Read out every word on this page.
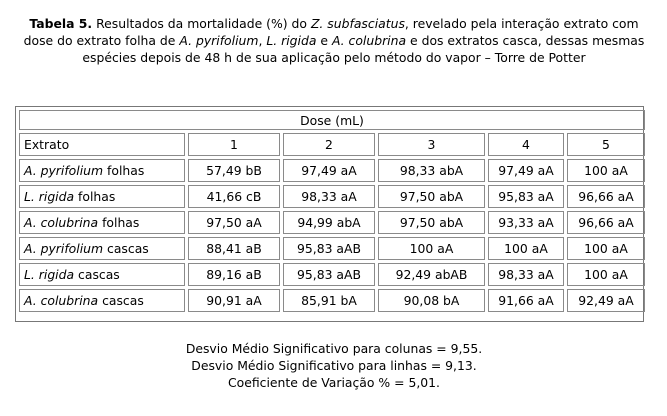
Tabela 5. Resultados da mortalidade (%) do Z. subfasciatus, revelado pela interação extrato com dose do extrato folha de A. pyrifolium, L. rigida e A. colubrina e dos extratos casca, dessas mesmas espécies depois de 48 h de sua aplicação pelo método do vapor – Torre de Potter
Dose (mL)					
Extrato	1	2	3	4	5
A. pyrifolium folhas	57,49 bB	97,49 aA	98,33 abA	97,49 aA	100 aA
L. rigida folhas	41,66 cB	98,33 aA	97,50 abA	95,83 aA	96,66 aA
A. colubrina folhas	97,50 aA	94,99 abA	97,50 abA	93,33 aA	96,66 aA
A. pyrifolium cascas	88,41 aB	95,83 aAB	100 aA	100 aA	100 aA
L. rigida cascas	89,16 aB	95,83 aAB	92,49 abAB	98,33 aA	100 aA
A. colubrina cascas	90,91 aA	85,91 bA	90,08 bA	91,66 aA	92,49 aA
Desvio Médio Significativo para colunas = 9,55.
Desvio Médio Significativo para linhas = 9,13.
Coeficiente de Variação % = 5,01.
